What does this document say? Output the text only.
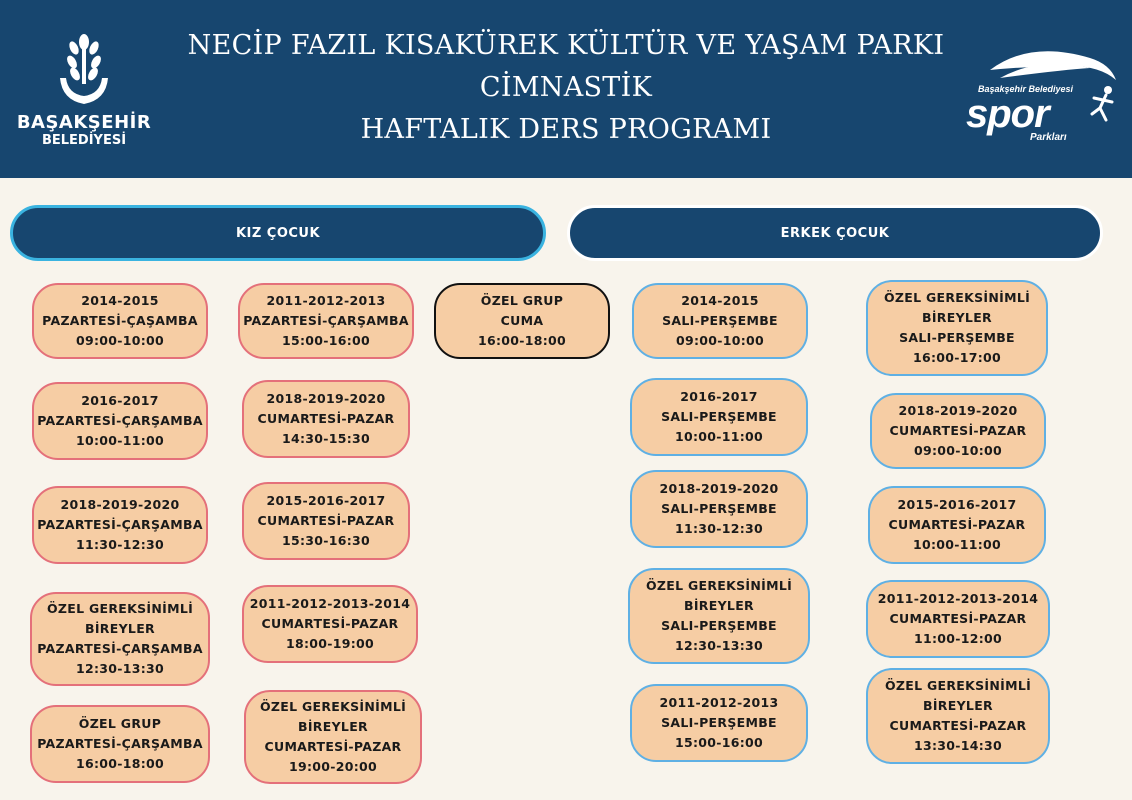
BAŞAKŞEHİR
BELEDİYESİ
NECİP FAZIL KISAKÜREK KÜLTÜR VE YAŞAM PARKI
CİMNASTİK
HAFTALIK DERS PROGRAMI
Başakşehir Belediyesi
spor
Parkları
KIZ ÇOCUK	ERKEK ÇOCUK
2014-2015
PAZARTESİ-ÇAŞAMBA
09:00-10:00
2016-2017
PAZARTESİ-ÇARŞAMBA
10:00-11:00
2018-2019-2020
PAZARTESİ-ÇARŞAMBA
11:30-12:30
ÖZEL GEREKSİNİMLİ
BİREYLER
PAZARTESİ-ÇARŞAMBA
12:30-13:30
ÖZEL GRUP
PAZARTESİ-ÇARŞAMBA
16:00-18:00
2011-2012-2013
PAZARTESİ-ÇARŞAMBA
15:00-16:00
2018-2019-2020
CUMARTESİ-PAZAR
14:30-15:30
2015-2016-2017
CUMARTESİ-PAZAR
15:30-16:30
2011-2012-2013-2014
CUMARTESİ-PAZAR
18:00-19:00
ÖZEL GEREKSİNİMLİ
BİREYLER
CUMARTESİ-PAZAR
19:00-20:00
ÖZEL GRUP
CUMA
16:00-18:00
2014-2015
SALI-PERŞEMBE
09:00-10:00
2016-2017
SALI-PERŞEMBE
10:00-11:00
2018-2019-2020
SALI-PERŞEMBE
11:30-12:30
ÖZEL GEREKSİNİMLİ
BİREYLER
SALI-PERŞEMBE
12:30-13:30
2011-2012-2013
SALI-PERŞEMBE
15:00-16:00
ÖZEL GEREKSİNİMLİ
BİREYLER
SALI-PERŞEMBE
16:00-17:00
2018-2019-2020
CUMARTESİ-PAZAR
09:00-10:00
2015-2016-2017
CUMARTESİ-PAZAR
10:00-11:00
2011-2012-2013-2014
CUMARTESİ-PAZAR
11:00-12:00
ÖZEL GEREKSİNİMLİ
BİREYLER
CUMARTESİ-PAZAR
13:30-14:30
